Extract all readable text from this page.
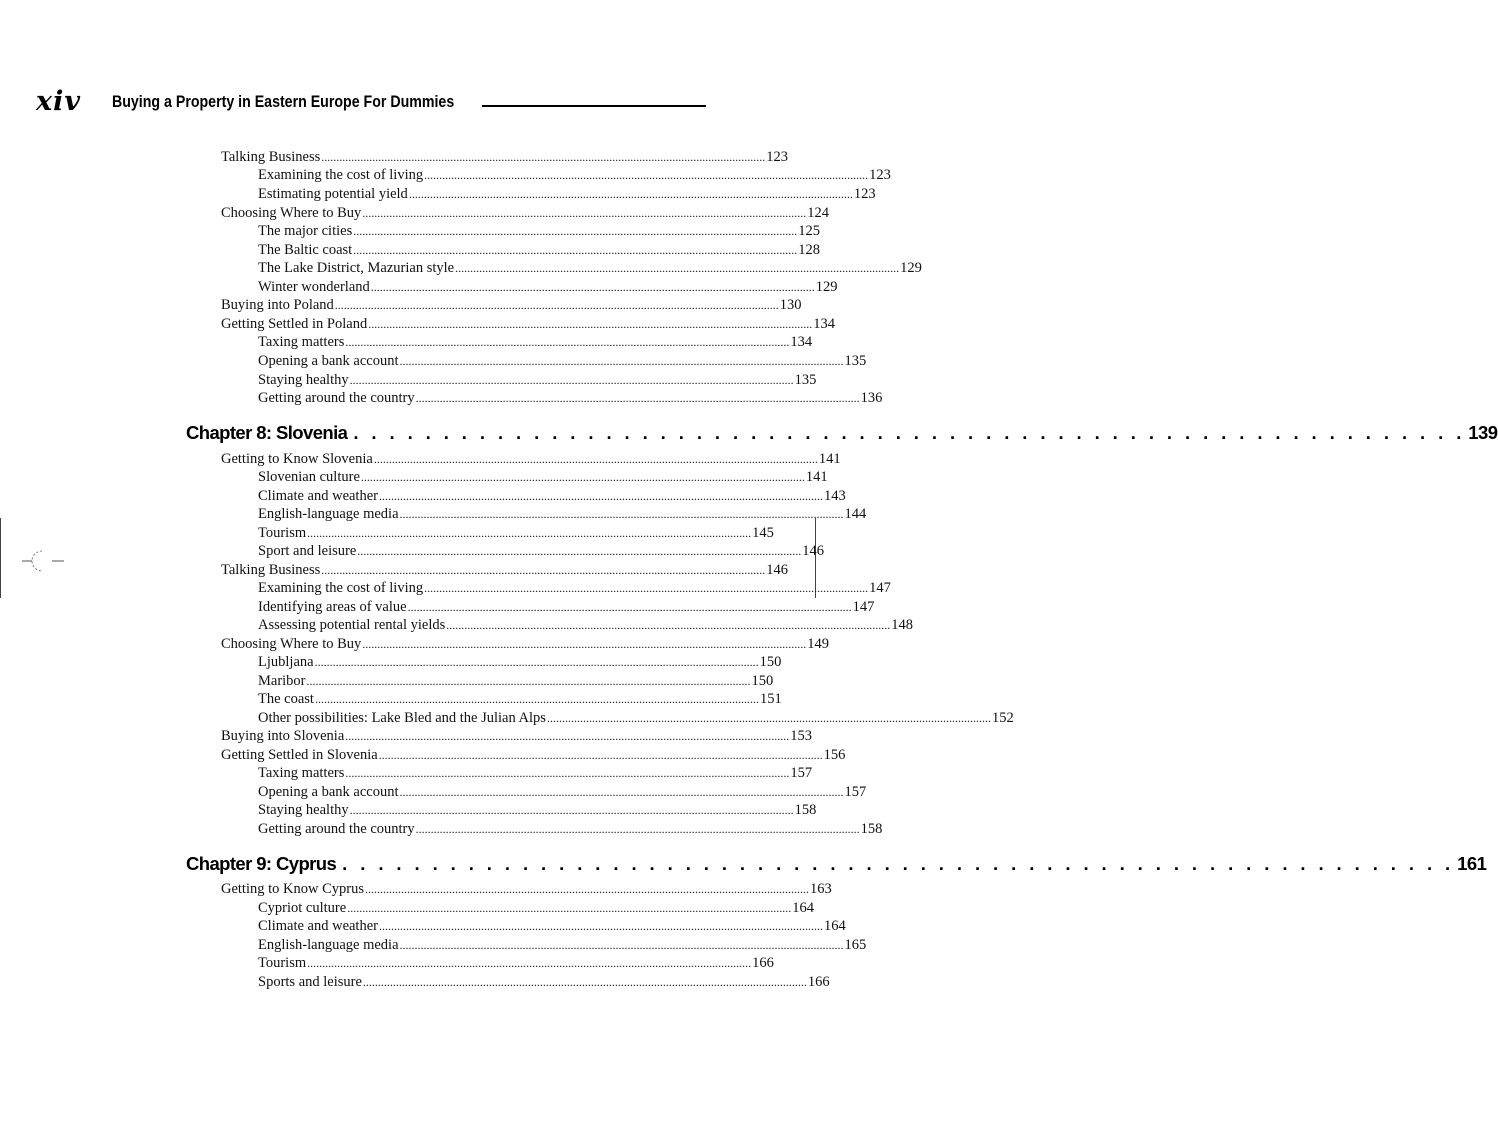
xiv Buying a Property in Eastern Europe For Dummies
Talking Business .................................................................................................................................................... 123
Examining the cost of living .................................................................................................................................................... 123
Estimating potential yield .................................................................................................................................................... 123
Choosing Where to Buy .................................................................................................................................................... 124
The major cities .................................................................................................................................................... 125
The Baltic coast .................................................................................................................................................... 128
The Lake District, Mazurian style .................................................................................................................................................... 129
Winter wonderland .................................................................................................................................................... 129
Buying into Poland .................................................................................................................................................... 130
Getting Settled in Poland .................................................................................................................................................... 134
Taxing matters .................................................................................................................................................... 134
Opening a bank account .................................................................................................................................................... 135
Staying healthy .................................................................................................................................................... 135
Getting around the country .................................................................................................................................................... 136
Chapter 8: Slovenia . . . . . . . . . . . . . . . . . . . . . . . . . . . . . . . . . . . . . . . . . . . . . . . . . . . . . . . . . . . . . . 139
Getting to Know Slovenia .................................................................................................................................................... 141
Slovenian culture .................................................................................................................................................... 141
Climate and weather .................................................................................................................................................... 143
English-language media .................................................................................................................................................... 144
Tourism .................................................................................................................................................... 145
Sport and leisure .................................................................................................................................................... 146
Talking Business .................................................................................................................................................... 146
Examining the cost of living .................................................................................................................................................... 147
Identifying areas of value .................................................................................................................................................... 147
Assessing potential rental yields .................................................................................................................................................... 148
Choosing Where to Buy .................................................................................................................................................... 149
Ljubljana .................................................................................................................................................... 150
Maribor .................................................................................................................................................... 150
The coast .................................................................................................................................................... 151
Other possibilities: Lake Bled and the Julian Alps .................................................................................................................................................... 152
Buying into Slovenia .................................................................................................................................................... 153
Getting Settled in Slovenia .................................................................................................................................................... 156
Taxing matters .................................................................................................................................................... 157
Opening a bank account .................................................................................................................................................... 157
Staying healthy .................................................................................................................................................... 158
Getting around the country .................................................................................................................................................... 158
Chapter 9: Cyprus . . . . . . . . . . . . . . . . . . . . . . . . . . . . . . . . . . . . . . . . . . . . . . . . . . . . . . . . . . . . . . 161
Getting to Know Cyprus .................................................................................................................................................... 163
Cypriot culture .................................................................................................................................................... 164
Climate and weather .................................................................................................................................................... 164
English-language media .................................................................................................................................................... 165
Tourism .................................................................................................................................................... 166
Sports and leisure .................................................................................................................................................... 166
